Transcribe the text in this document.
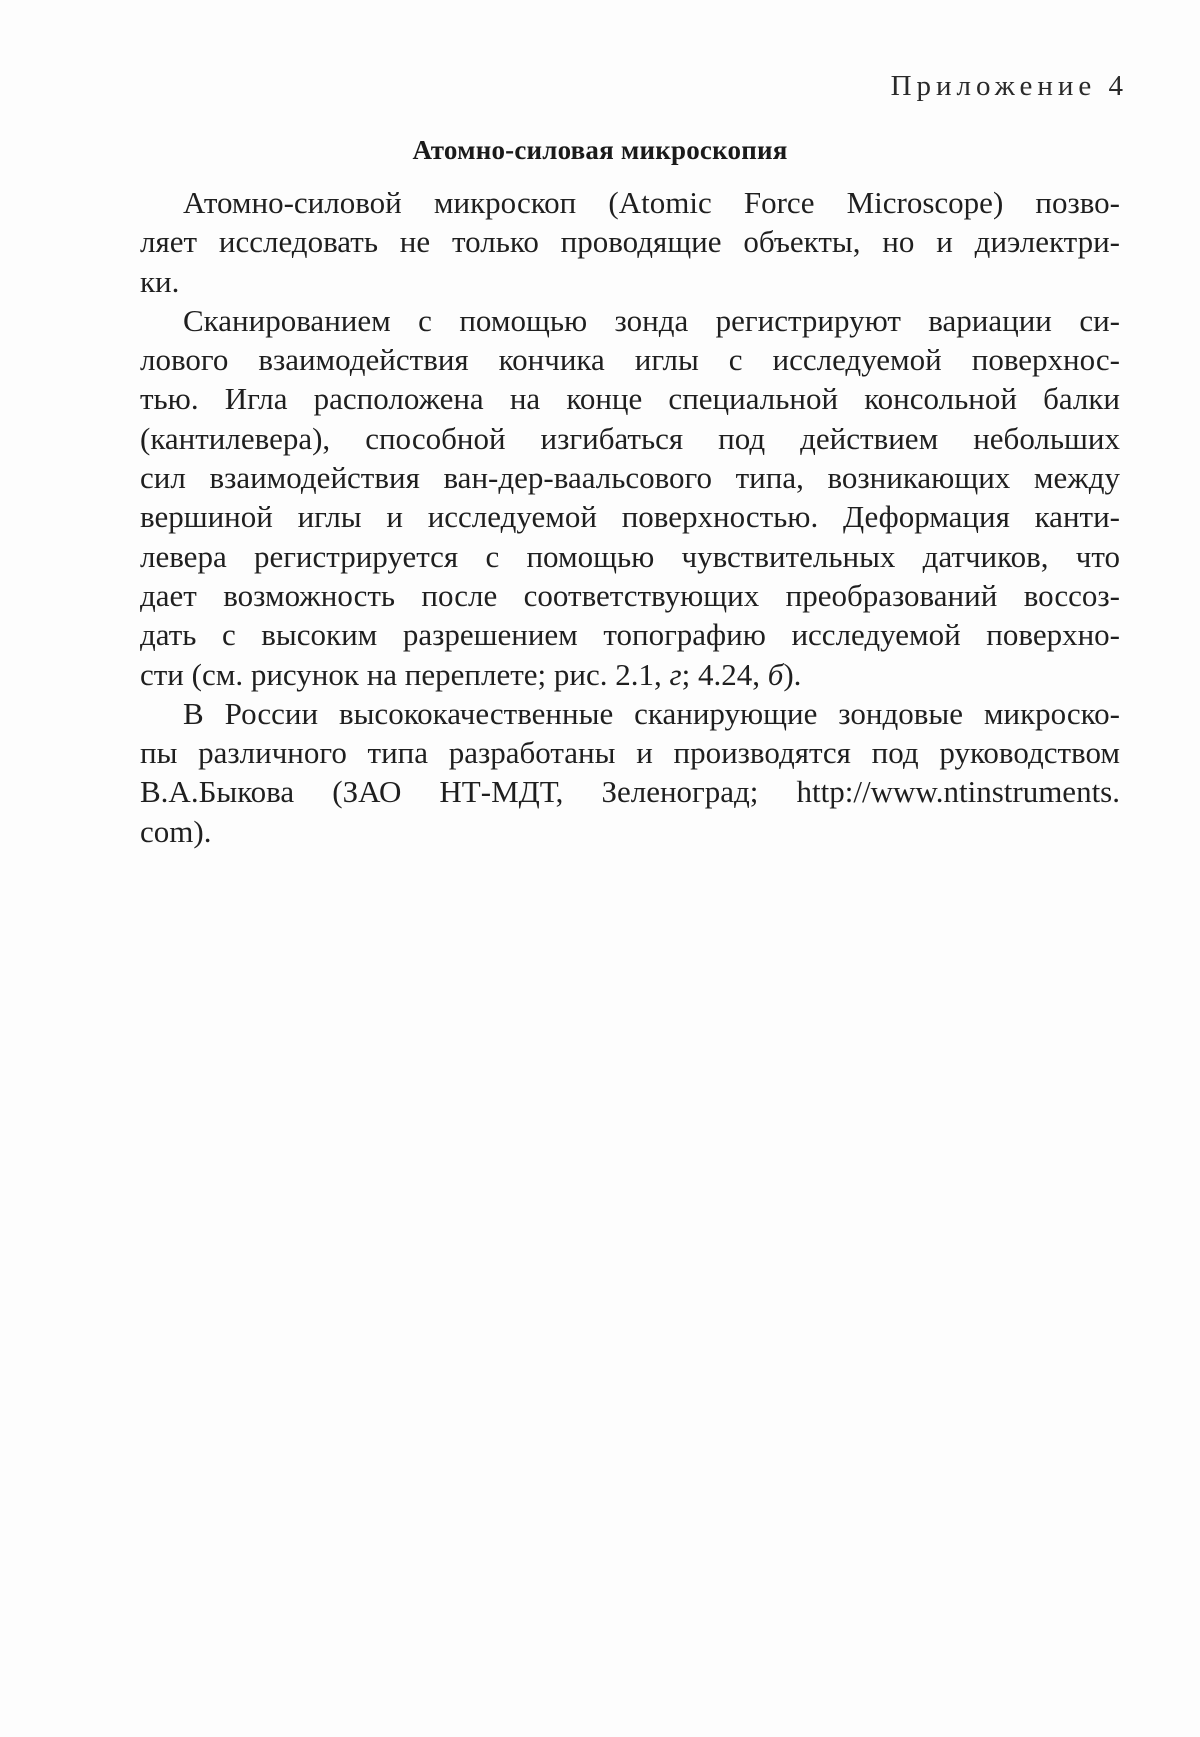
Приложение 4
Атомно-силовая микроскопия
Атомно-силовой микроскоп (Atomic Force Microscope) позво-
ляет исследовать не только проводящие объекты, но и диэлектри-
ки.
Сканированием с помощью зонда регистрируют вариации си-
лового взаимодействия кончика иглы с исследуемой поверхнос-
тью. Игла расположена на конце специальной консольной балки
(кантилевера), способной изгибаться под действием небольших
сил взаимодействия ван-дер-ваальсового типа, возникающих между
вершиной иглы и исследуемой поверхностью. Деформация канти-
левера регистрируется с помощью чувствительных датчиков, что
дает возможность после соответствующих преобразований воссоз-
дать с высоким разрешением топографию исследуемой поверхно-
сти (см. рисунок на переплете; рис. 2.1, г; 4.24, б).
В России высококачественные сканирующие зондовые микроско-
пы различного типа разработаны и производятся под руководством
В.А.Быкова (ЗАО НТ-МДТ, Зеленоград; http://www.ntinstruments.
com).
